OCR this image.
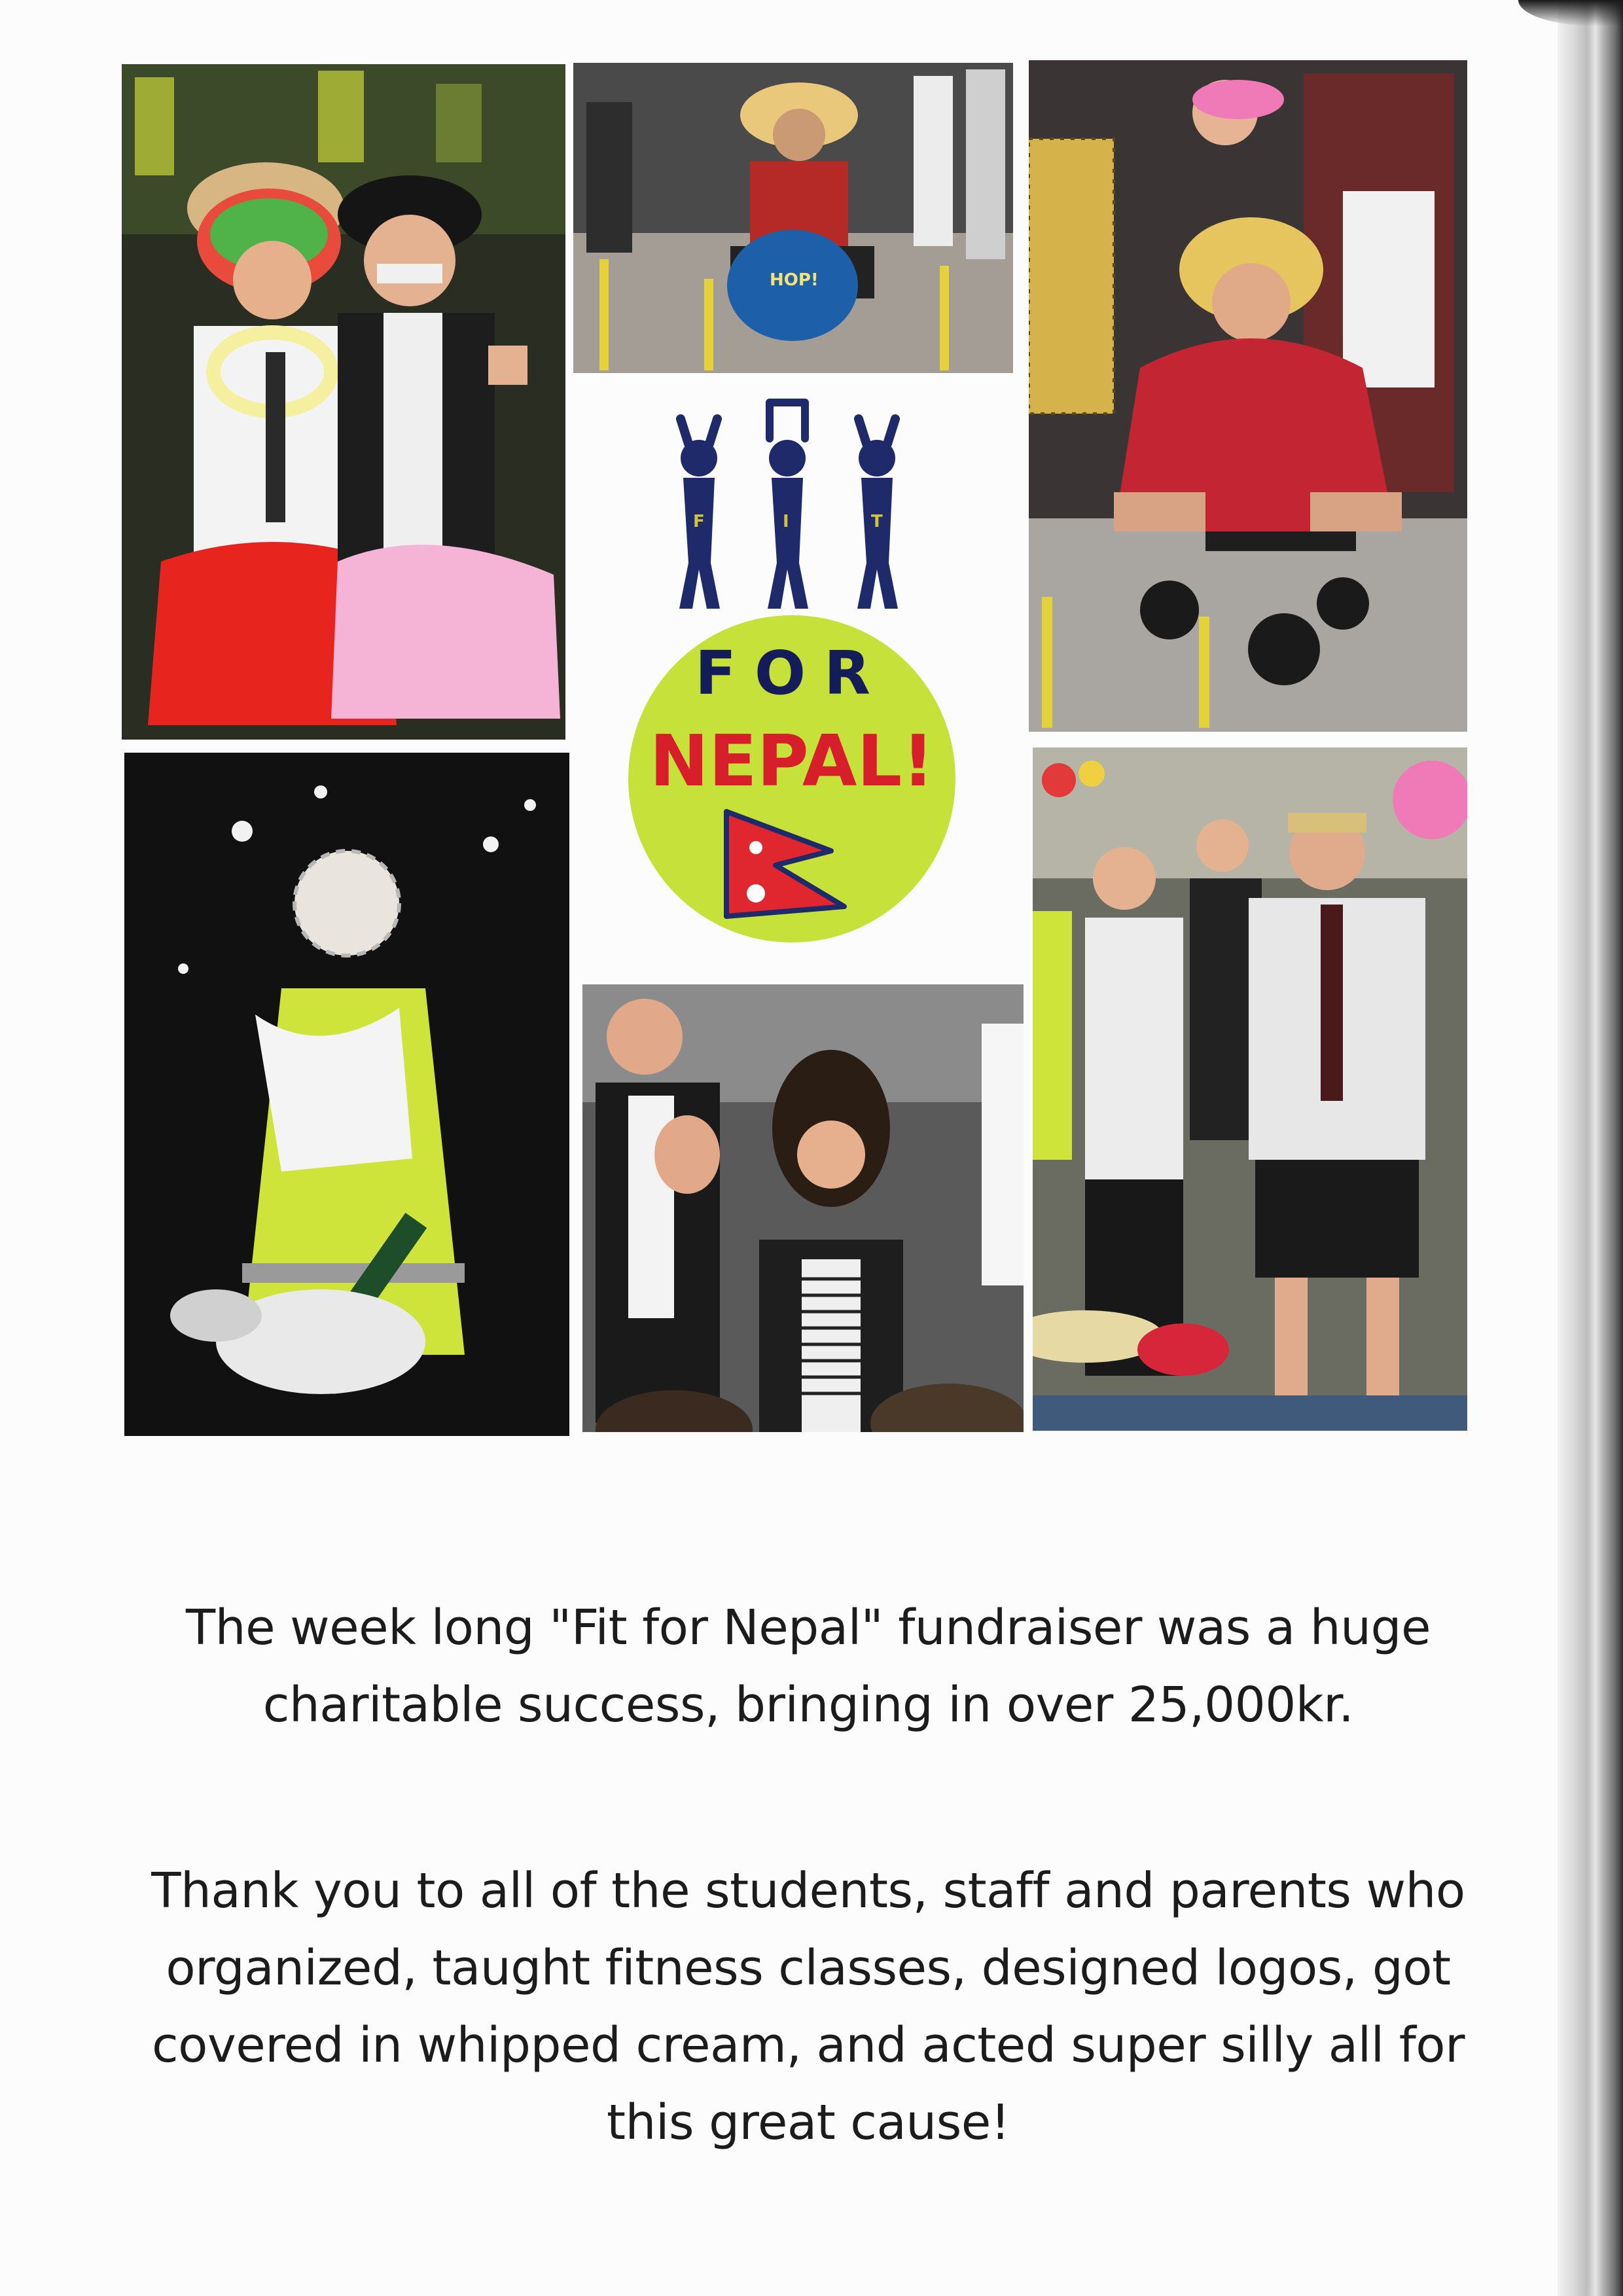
HOP!
F	I	T
FOR
NEPAL!
The week long "Fit for Nepal" fundraiser was a huge charitable success, bringing in over 25,000kr.
Thank you to all of the students, staff and parents who organized, taught fitness classes, designed logos, got covered in whipped cream, and acted super silly all for this great cause!
